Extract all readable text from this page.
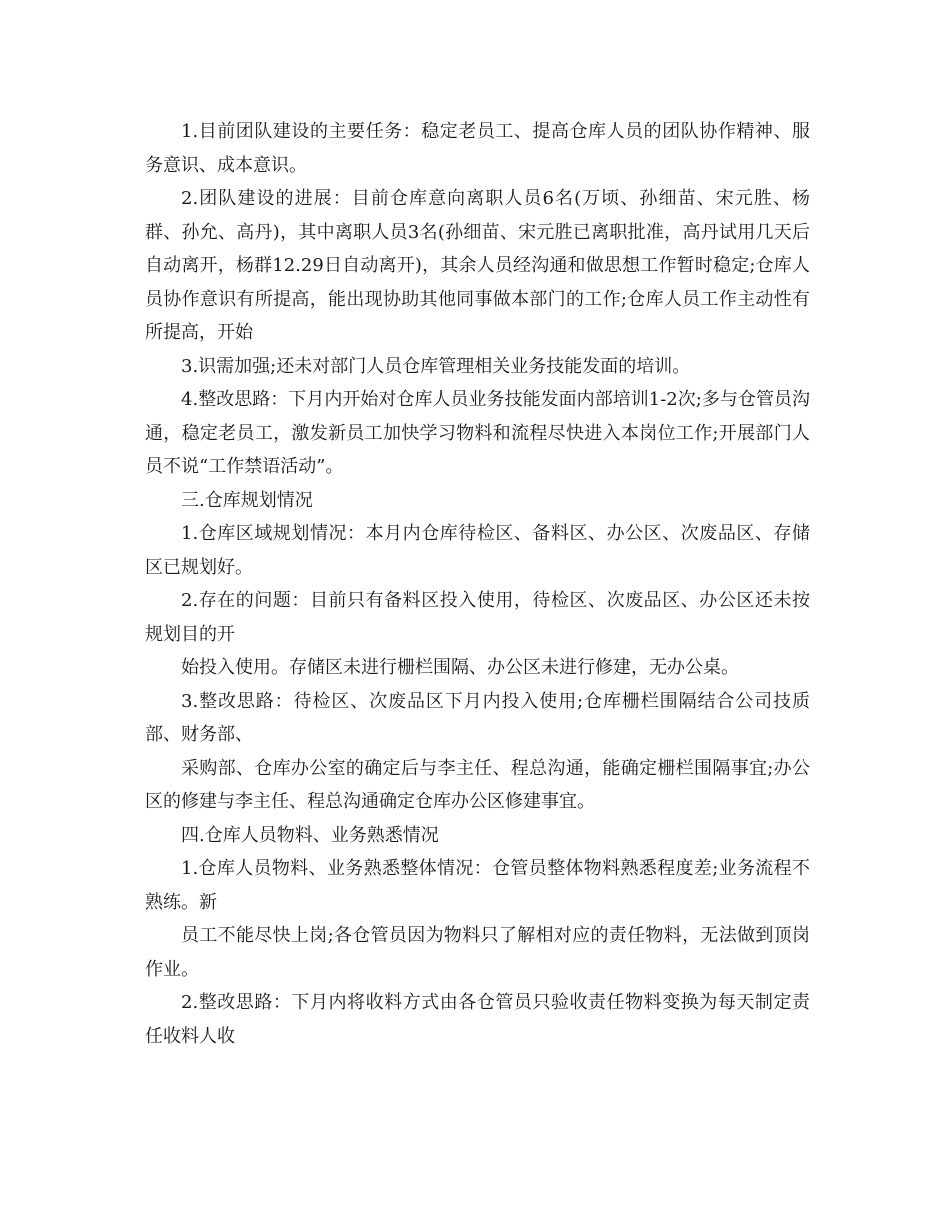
1.目前团队建设的主要任务：稳定老员工、提高仓库人员的团队协作精神、服务意识、成本意识。

2.团队建设的进展：目前仓库意向离职人员6名(万顷、孙细苗、宋元胜、杨群、孙允、高丹)，其中离职人员3名(孙细苗、宋元胜已离职批准，高丹试用几天后自动离开，杨群12.29日自动离开)，其余人员经沟通和做思想工作暂时稳定;仓库人员协作意识有所提高，能出现协助其他同事做本部门的工作;仓库人员工作主动性有所提高，开始

3.识需加强;还未对部门人员仓库管理相关业务技能发面的培训。

4.整改思路：下月内开始对仓库人员业务技能发面内部培训1-2次;多与仓管员沟通，稳定老员工，激发新员工加快学习物料和流程尽快进入本岗位工作;开展部门人员不说“工作禁语活动”。

三.仓库规划情况

1.仓库区域规划情况：本月内仓库待检区、备料区、办公区、次废品区、存储区已规划好。

2.存在的问题：目前只有备料区投入使用，待检区、次废品区、办公区还未按规划目的开

始投入使用。存储区未进行栅栏围隔、办公区未进行修建，无办公桌。

3.整改思路：待检区、次废品区下月内投入使用;仓库栅栏围隔结合公司技质部、财务部、

采购部、仓库办公室的确定后与李主任、程总沟通，能确定栅栏围隔事宜;办公区的修建与李主任、程总沟通确定仓库办公区修建事宜。

四.仓库人员物料、业务熟悉情况

1.仓库人员物料、业务熟悉整体情况：仓管员整体物料熟悉程度差;业务流程不熟练。新

员工不能尽快上岗;各仓管员因为物料只了解相对应的责任物料，无法做到顶岗作业。

2.整改思路：下月内将收料方式由各仓管员只验收责任物料变换为每天制定责任收料人收
